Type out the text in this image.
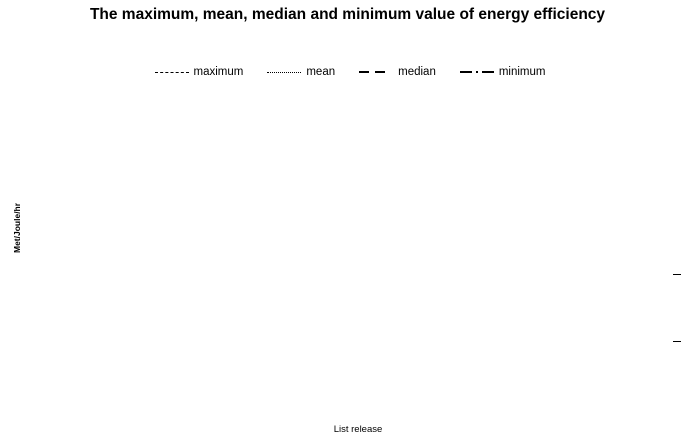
The maximum, mean, median and minimum value of energy efficiency
maximum	mean	median	minimum
Met/Joule/hr
List release
